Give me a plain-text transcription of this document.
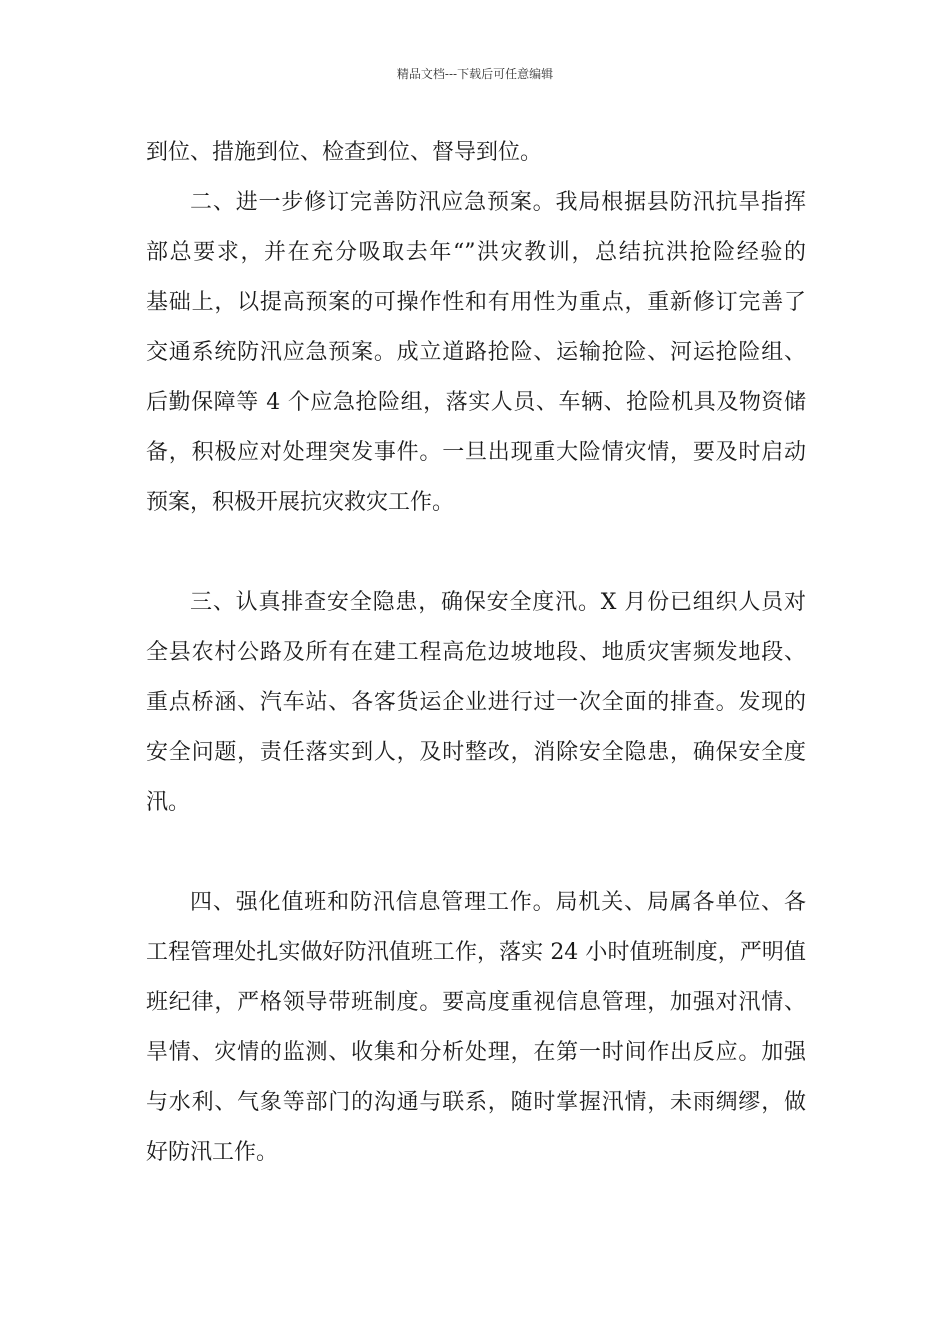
精品文档---下载后可任意编辑
到位、措施到位、检查到位、督导到位。
二、进一步修订完善防汛应急预案。我局根据县防汛抗旱指挥
部总要求，并在充分吸取去年“”洪灾教训，总结抗洪抢险经验的
基础上，以提高预案的可操作性和有用性为重点，重新修订完善了
交通系统防汛应急预案。成立道路抢险、运输抢险、河运抢险组、
后勤保障等 4 个应急抢险组，落实人员、车辆、抢险机具及物资储
备，积极应对处理突发事件。一旦出现重大险情灾情，要及时启动
预案，积极开展抗灾救灾工作。
三、认真排查安全隐患，确保安全度汛。X 月份已组织人员对
全县农村公路及所有在建工程高危边坡地段、地质灾害频发地段、
重点桥涵、汽车站、各客货运企业进行过一次全面的排查。发现的
安全问题，责任落实到人，及时整改，消除安全隐患，确保安全度
汛。
四、强化值班和防汛信息管理工作。局机关、局属各单位、各
工程管理处扎实做好防汛值班工作，落实 24 小时值班制度，严明值
班纪律，严格领导带班制度。要高度重视信息管理，加强对汛情、
旱情、灾情的监测、收集和分析处理，在第一时间作出反应。加强
与水利、气象等部门的沟通与联系，随时掌握汛情，未雨绸缪，做
好防汛工作。
